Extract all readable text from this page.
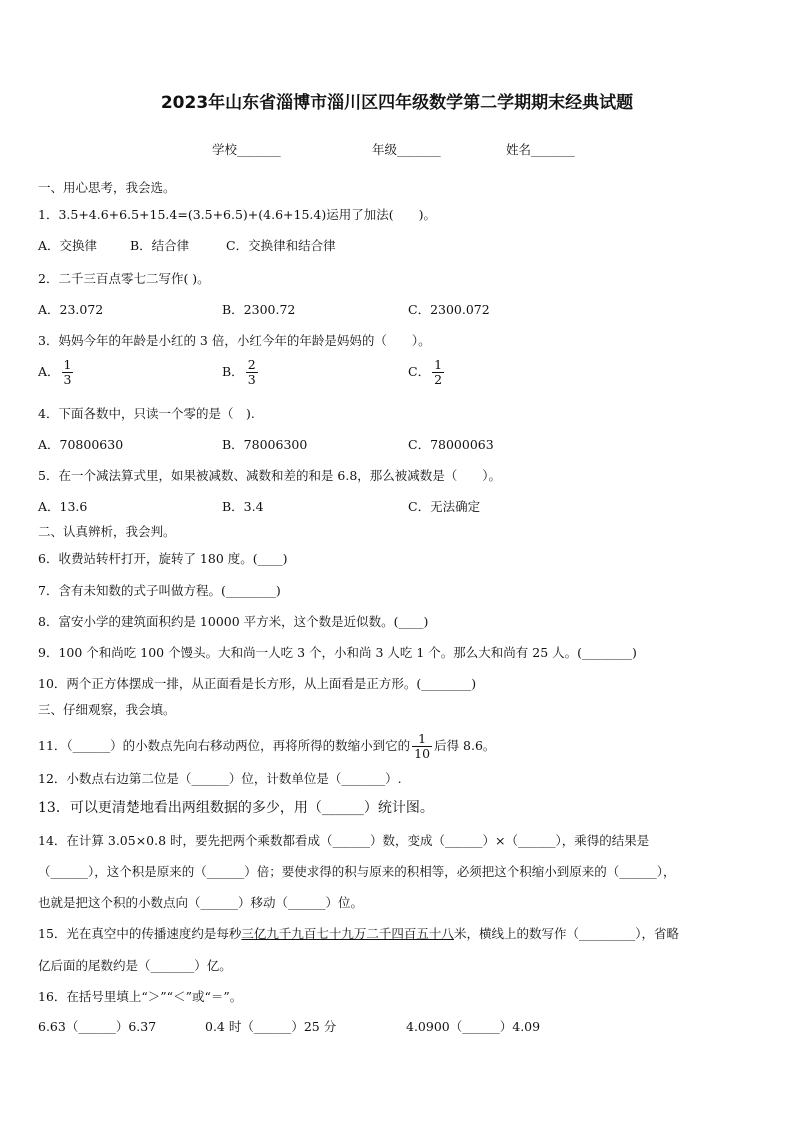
2023年山东省淄博市淄川区四年级数学第二学期期末经典试题
学校_______	年级_______	姓名_______
一、用心思考，我会选。
1．3.5+4.6+6.5+15.4=(3.5+6.5)+(4.6+15.4)运用了加法(　　)。
A．交换律	B．结合律	C．交换律和结合律
2．二千三百点零七二写作( )。
A．23.072	B．2300.72	C．2300.072
3．妈妈今年的年龄是小红的 3 倍，小红今年的年龄是妈妈的（　　）。
A． $\frac{1}{3}$	B． $\frac{2}{3}$	C． $\frac{1}{2}$
4．下面各数中，只读一个零的是（　).
A．70800630	B．78006300	C．78000063
5．在一个减法算式里，如果被减数、减数和差的和是 6.8，那么被减数是（　　）。
A．13.6	B．3.4	C．无法确定
二、认真辨析，我会判。
6．收费站转杆打开，旋转了 180 度。(____)
7．含有未知数的式子叫做方程。(________)
8．富安小学的建筑面积约是 10000 平方米，这个数是近似数。(____)
9．100 个和尚吃 100 个馒头。大和尚一人吃 3 个，小和尚 3 人吃 1 个。那么大和尚有 25 人。(________)
10．两个正方体摆成一排，从正面看是长方形，从上面看是正方形。(________)
三、仔细观察，我会填。
11．（______）的小数点先向右移动两位，再将所得的数缩小到它的 $\frac{1}{10}$ 后得 8.6。
12．小数点右边第二位是（______）位，计数单位是（_______）.
13．可以更清楚地看出两组数据的多少，用（______）统计图。
14．在计算 3.05×0.8 时，要先把两个乘数都看成（______）数，变成（______）×（______），乘得的结果是
（______），这个积是原来的（______）倍；要使求得的积与原来的积相等，必须把这个积缩小到原来的（______），
也就是把这个积的小数点向（______）移动（______）位。
15．光在真空中的传播速度约是每秒三亿九千九百七十九万二千四百五十八米，横线上的数写作（_________），省略
亿后面的尾数约是（_______）亿。
16．在括号里填上“＞”“＜”或“＝”。
6.63（______）6.37	0.4 时（______）25 分	4.0900（______）4.09
